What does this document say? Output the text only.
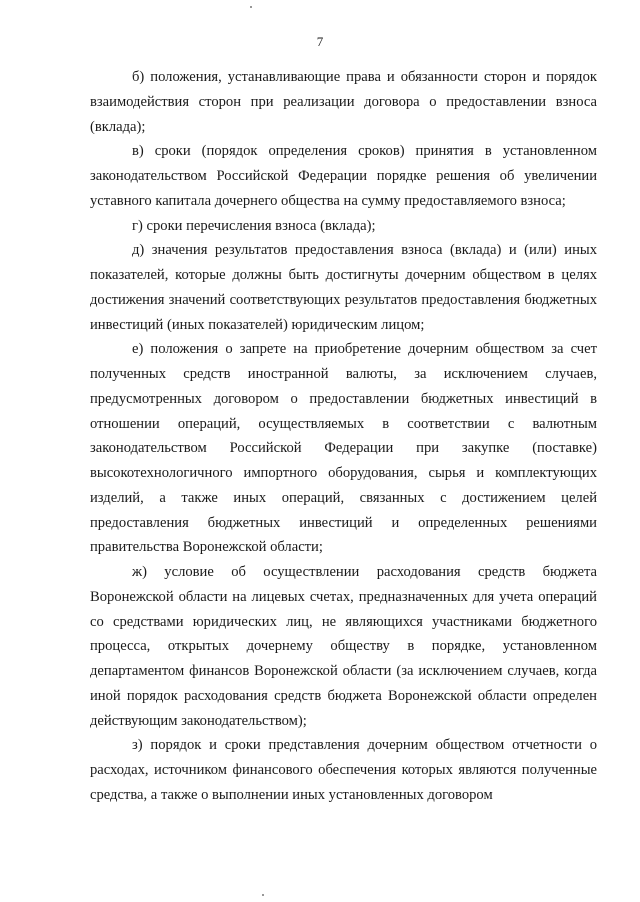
7

б) положения, устанавливающие права и обязанности сторон и порядок взаимодействия сторон при реализации договора о предоставлении взноса (вклада);

в) сроки (порядок определения сроков) принятия в установленном законодательством Российской Федерации порядке решения об увеличении уставного капитала дочернего общества на сумму предоставляемого взноса;

г) сроки перечисления взноса (вклада);

д) значения результатов предоставления взноса (вклада) и (или) иных показателей, которые должны быть достигнуты дочерним обществом в целях достижения значений соответствующих результатов предоставления бюджетных инвестиций (иных показателей) юридическим лицом;

е) положения о запрете на приобретение дочерним обществом за счет полученных средств иностранной валюты, за исключением случаев, предусмотренных договором о предоставлении бюджетных инвестиций в отношении операций, осуществляемых в соответствии с валютным законодательством Российской Федерации при закупке (поставке) высокотехнологичного импортного оборудования, сырья и комплектующих изделий, а также иных операций, связанных с достижением целей предоставления бюджетных инвестиций и определенных решениями правительства Воронежской области;

ж) условие об осуществлении расходования средств бюджета Воронежской области на лицевых счетах, предназначенных для учета операций со средствами юридических лиц, не являющихся участниками бюджетного процесса, открытых дочернему обществу в порядке, установленном департаментом финансов Воронежской области (за исключением случаев, когда иной порядок расходования средств бюджета Воронежской области определен действующим законодательством);

з) порядок и сроки представления дочерним обществом отчетности о расходах, источником финансового обеспечения которых являются полученные средства, а также о выполнении иных установленных договором
